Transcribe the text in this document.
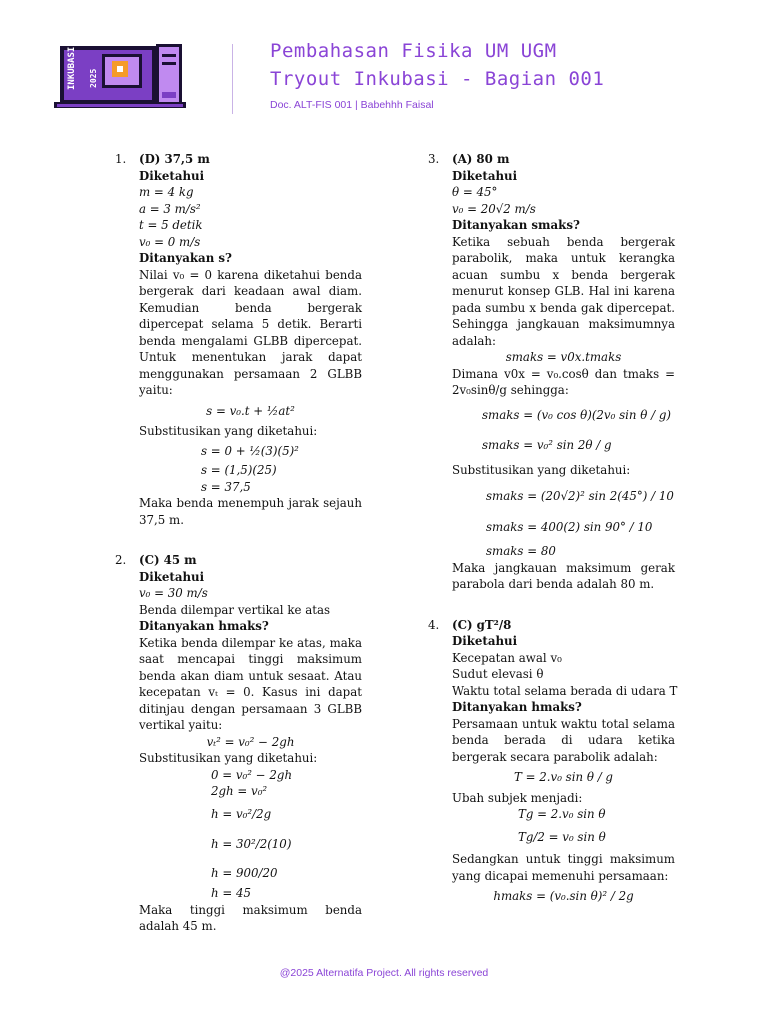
INKUBASI 2025
Pembahasan Fisika UM UGM
Tryout Inkubasi - Bagian 001
Doc. ALT-FIS 001 | Babehhh Faisal
1.	(D) 37,5 m
Diketahui
m = 4 kg
a = 3 m/s²
t = 5 detik
v₀ = 0 m/s
Ditanyakan s?
Nilai v₀ = 0 karena diketahui benda bergerak dari keadaan awal diam. Kemudian benda bergerak dipercepat selama 5 detik. Berarti benda mengalami GLBB dipercepat. Untuk menentukan jarak dapat menggunakan persamaan 2 GLBB yaitu:
s = v₀.t + ½at²
Substitusikan yang diketahui:
s = 0 + ½(3)(5)²
s = (1,5)(25)
s = 37,5
Maka benda menempuh jarak sejauh 37,5 m.
2.	(C) 45 m
Diketahui
v₀ = 30 m/s
Benda dilempar vertikal ke atas
Ditanyakan hmaks?
Ketika benda dilempar ke atas, maka saat mencapai tinggi maksimum benda akan diam untuk sesaat. Atau kecepatan vₜ = 0. Kasus ini dapat ditinjau dengan persamaan 3 GLBB vertikal yaitu:
vₜ² = v₀² − 2gh
Substitusikan yang diketahui:
0 = v₀² − 2gh
2gh = v₀²
h = v₀²/2g
h = 30²/2(10)
h = 900/20
h = 45
Maka tinggi maksimum benda adalah 45 m.
3.	(A) 80 m
Diketahui
θ = 45°
v₀ = 20√2 m/s
Ditanyakan smaks?
Ketika sebuah benda bergerak parabolik, maka untuk kerangka acuan sumbu x benda bergerak menurut konsep GLB. Hal ini karena pada sumbu x benda gak dipercepat. Sehingga jangkauan maksimumnya adalah:
smaks = v0x.tmaks
Dimana v0x = v₀.cosθ dan tmaks = 2v₀sinθ/g sehingga:
smaks = (v₀ cos θ)(2v₀ sin θ / g)
smaks = v₀² sin 2θ / g
Substitusikan yang diketahui:
smaks = (20√2)² sin 2(45°) / 10
smaks = 400(2) sin 90° / 10
smaks = 80
Maka jangkauan maksimum gerak parabola dari benda adalah 80 m.
4.	(C) gT²/8
Diketahui
Kecepatan awal v₀
Sudut elevasi θ
Waktu total selama berada di udara T
Ditanyakan hmaks?
Persamaan untuk waktu total selama benda berada di udara ketika bergerak secara parabolik adalah:
T = 2.v₀ sin θ / g
Ubah subjek menjadi:
Tg = 2.v₀ sin θ
Tg/2 = v₀ sin θ
Sedangkan untuk tinggi maksimum yang dicapai memenuhi persamaan:
hmaks = (v₀.sin θ)² / 2g
@2025 Alternatifa Project. All rights reserved
